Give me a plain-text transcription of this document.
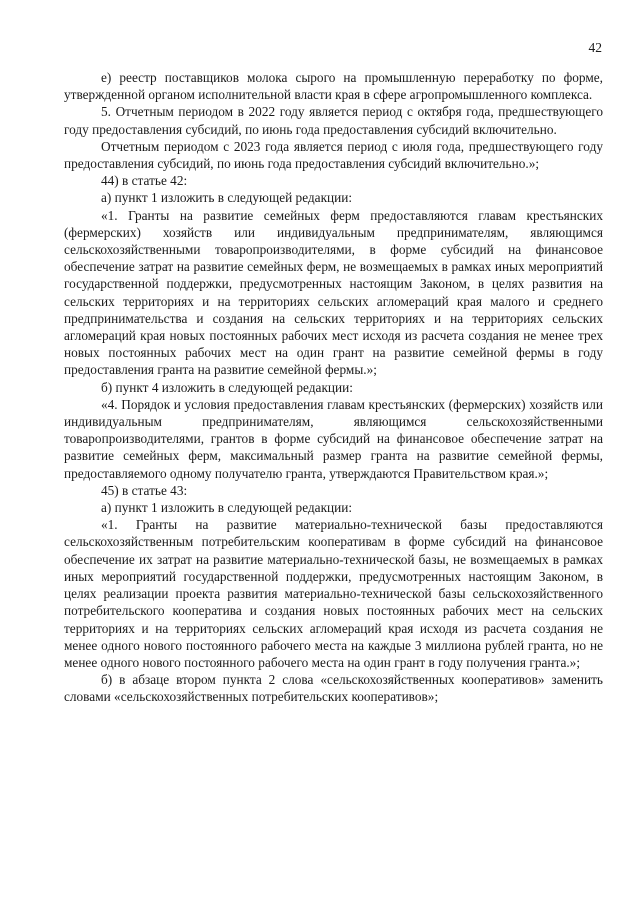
42

е) реестр поставщиков молока сырого на промышленную переработку по форме, утвержденной органом исполнительной власти края в сфере агропромышленного комплекса.

5. Отчетным периодом в 2022 году является период с октября года, предшествующего году предоставления субсидий, по июнь года предоставления субсидий включительно.

Отчетным периодом с 2023 года является период с июля года, предшествующего году предоставления субсидий, по июнь года предоставления субсидий включительно.»;

44) в статье 42:

а) пункт 1 изложить в следующей редакции:

«1. Гранты на развитие семейных ферм предоставляются главам крестьянских (фермерских) хозяйств или индивидуальным предпринимателям, являющимся сельскохозяйственными товаропроизводителями, в форме субсидий на финансовое обеспечение затрат на развитие семейных ферм, не возмещаемых в рамках иных мероприятий государственной поддержки, предусмотренных настоящим Законом, в целях развития на сельских территориях и на территориях сельских агломераций края малого и среднего предпринимательства и создания на сельских территориях и на территориях сельских агломераций края новых постоянных рабочих мест исходя из расчета создания не менее трех новых постоянных рабочих мест на один грант на развитие семейной фермы в году предоставления гранта на развитие семейной фермы.»;

б) пункт 4 изложить в следующей редакции:

«4. Порядок и условия предоставления главам крестьянских (фермерских) хозяйств или индивидуальным предпринимателям, являющимся сельскохозяйственными товаропроизводителями, грантов в форме субсидий на финансовое обеспечение затрат на развитие семейных ферм, максимальный размер гранта на развитие семейной фермы, предоставляемого одному получателю гранта, утверждаются Правительством края.»;

45) в статье 43:

а) пункт 1 изложить в следующей редакции:

«1. Гранты на развитие материально-технической базы предоставляются сельскохозяйственным потребительским кооперативам в форме субсидий на финансовое обеспечение их затрат на развитие материально-технической базы, не возмещаемых в рамках иных мероприятий государственной поддержки, предусмотренных настоящим Законом, в целях реализации проекта развития материально-технической базы сельскохозяйственного потребительского кооператива и создания новых постоянных рабочих мест на сельских территориях и на территориях сельских агломераций края исходя из расчета создания не менее одного нового постоянного рабочего места на каждые 3 миллиона рублей гранта, но не менее одного нового постоянного рабочего места на один грант в году получения гранта.»;

б) в абзаце втором пункта 2 слова «сельскохозяйственных кооперативов» заменить словами «сельскохозяйственных потребительских кооперативов»;
